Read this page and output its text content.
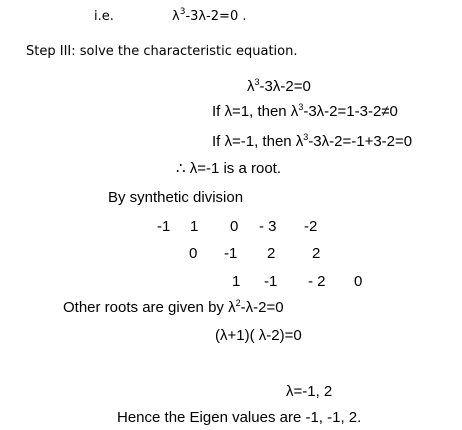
i.e.	$\lambda^3-3\lambda-2=0$ .
Step III: solve the characteristic equation.
$\lambda^3-3\lambda-2=0$
If λ=1, then $\lambda^3-3\lambda-2=1-3-2\ne 0$
If λ=-1, then $\lambda^3-3\lambda-2=-1+3-2=0$
∴ λ=-1 is a root.
By synthetic division
-1 1 0 - 3 -2
0 -1 2 2
1 -1 - 2 0
Other roots are given by $\lambda^2-\lambda-2=0$
(λ+1)( λ-2)=0
λ=-1, 2
Hence the Eigen values are -1, -1, 2.
